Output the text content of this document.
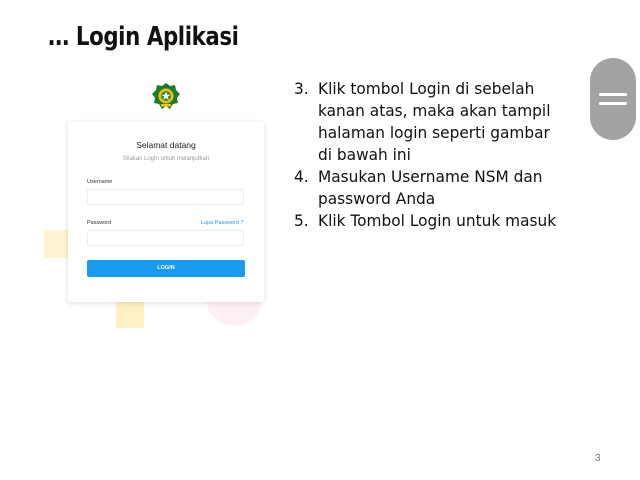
… Login Aplikasi
Selamat datang
Silakan Login untuk melanjutkan
Username
Password	Lupa Password ?
LOGIN
3. Klik tombol Login di sebelah kanan atas, maka akan tampil halaman login seperti gambar di bawah ini
4. Masukan Username NSM dan password Anda
5. Klik Tombol Login untuk masuk
3
